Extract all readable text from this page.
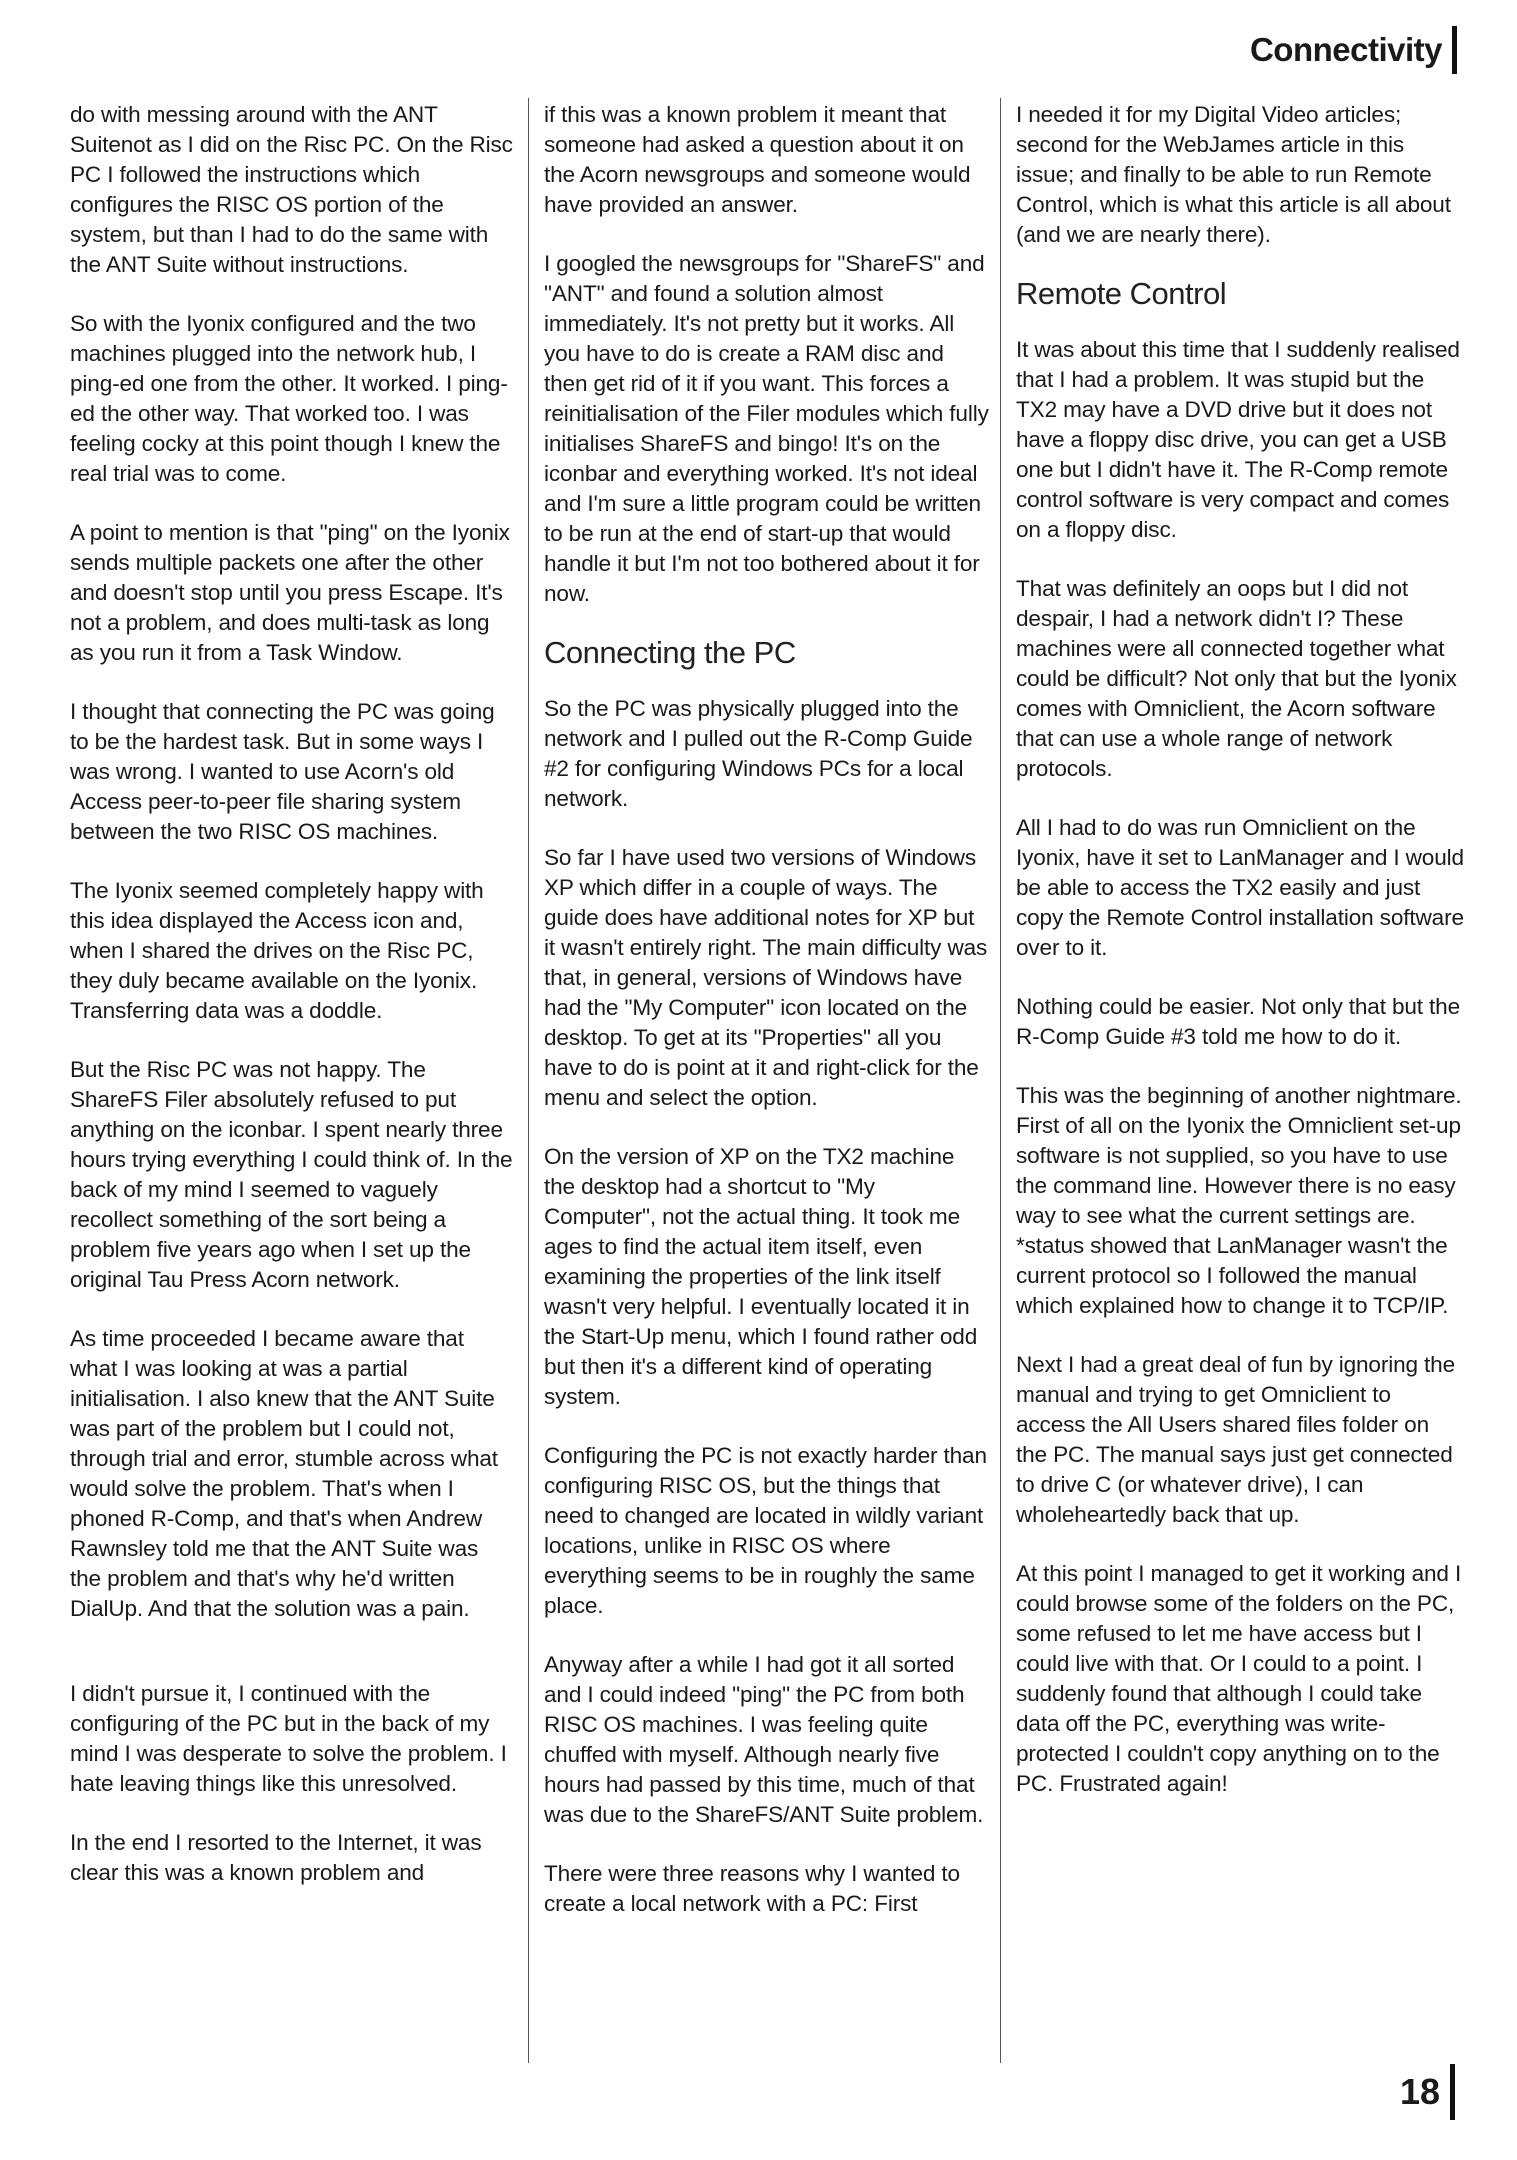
Connectivity

do with messing around with the ANT Suitenot as I did on the Risc PC. On the Risc PC I followed the instructions which configures the RISC OS portion of the system, but than I had to do the same with the ANT Suite without instructions.

So with the Iyonix configured and the two machines plugged into the network hub, I ping-ed one from the other. It worked. I ping-ed the other way. That worked too. I was feeling cocky at this point though I knew the real trial was to come.

A point to mention is that "ping" on the Iyonix sends multiple packets one after the other and doesn't stop until you press Escape. It's not a problem, and does multi-task as long as you run it from a Task Window.

I thought that connecting the PC was going to be the hardest task. But in some ways I was wrong. I wanted to use Acorn's old Access peer-to-peer file sharing system between the two RISC OS machines.

The Iyonix seemed completely happy with this idea displayed the Access icon and, when I shared the drives on the Risc PC, they duly became available on the Iyonix. Transferring data was a doddle.

But the Risc PC was not happy. The ShareFS Filer absolutely refused to put anything on the iconbar. I spent nearly three hours trying everything I could think of. In the back of my mind I seemed to vaguely recollect something of the sort being a problem five years ago when I set up the original Tau Press Acorn network.

As time proceeded I became aware that what I was looking at was a partial initialisation. I also knew that the ANT Suite was part of the problem but I could not, through trial and error, stumble across what would solve the problem. That's when I phoned R-Comp, and that's when Andrew Rawnsley told me that the ANT Suite was the problem and that's why he'd written DialUp. And that the solution was a pain.

I didn't pursue it, I continued with the configuring of the PC but in the back of my mind I was desperate to solve the problem. I hate leaving things like this unresolved.

In the end I resorted to the Internet, it was clear this was a known problem and

if this was a known problem it meant that someone had asked a question about it on the Acorn newsgroups and someone would have provided an answer.

I googled the newsgroups for "ShareFS" and "ANT" and found a solution almost immediately. It's not pretty but it works. All you have to do is create a RAM disc and then get rid of it if you want. This forces a reinitialisation of the Filer modules which fully initialises ShareFS and bingo! It's on the iconbar and everything worked. It's not ideal and I'm sure a little program could be written to be run at the end of start-up that would handle it but I'm not too bothered about it for now.

Connecting the PC

So the PC was physically plugged into the network and I pulled out the R-Comp Guide #2 for configuring Windows PCs for a local network.

So far I have used two versions of Windows XP which differ in a couple of ways. The guide does have additional notes for XP but it wasn't entirely right. The main difficulty was that, in general, versions of Windows have had the "My Computer" icon located on the desktop. To get at its "Properties" all you have to do is point at it and right-click for the menu and select the option.

On the version of XP on the TX2 machine the desktop had a shortcut to "My Computer", not the actual thing. It took me ages to find the actual item itself, even examining the properties of the link itself wasn't very helpful. I eventually located it in the Start-Up menu, which I found rather odd but then it's a different kind of operating system.

Configuring the PC is not exactly harder than configuring RISC OS, but the things that need to changed are located in wildly variant locations, unlike in RISC OS where everything seems to be in roughly the same place.

Anyway after a while I had got it all sorted and I could indeed "ping" the PC from both RISC OS machines. I was feeling quite chuffed with myself. Although nearly five hours had passed by this time, much of that was due to the ShareFS/ANT Suite problem.

There were three reasons why I wanted to create a local network with a PC: First

I needed it for my Digital Video articles; second for the WebJames article in this issue; and finally to be able to run Remote Control, which is what this article is all about (and we are nearly there).

Remote Control

It was about this time that I suddenly realised that I had a problem. It was stupid but the TX2 may have a DVD drive but it does not have a floppy disc drive, you can get a USB one but I didn't have it. The R-Comp remote control software is very compact and comes on a floppy disc.

That was definitely an oops but I did not despair, I had a network didn't I? These machines were all connected together what could be difficult? Not only that but the Iyonix comes with Omniclient, the Acorn software that can use a whole range of network protocols.

All I had to do was run Omniclient on the Iyonix, have it set to LanManager and I would be able to access the TX2 easily and just copy the Remote Control installation software over to it.

Nothing could be easier. Not only that but the R-Comp Guide #3 told me how to do it.

This was the beginning of another nightmare. First of all on the Iyonix the Omniclient set-up software is not supplied, so you have to use the command line. However there is no easy way to see what the current settings are. *status showed that LanManager wasn't the current protocol so I followed the manual which explained how to change it to TCP/IP.

Next I had a great deal of fun by ignoring the manual and trying to get Omniclient to access the All Users shared files folder on the PC. The manual says just get connected to drive C (or whatever drive), I can wholeheartedly back that up.

At this point I managed to get it working and I could browse some of the folders on the PC, some refused to let me have access but I could live with that. Or I could to a point. I suddenly found that although I could take data off the PC, everything was write-protected I couldn't copy anything on to the PC. Frustrated again!

18
